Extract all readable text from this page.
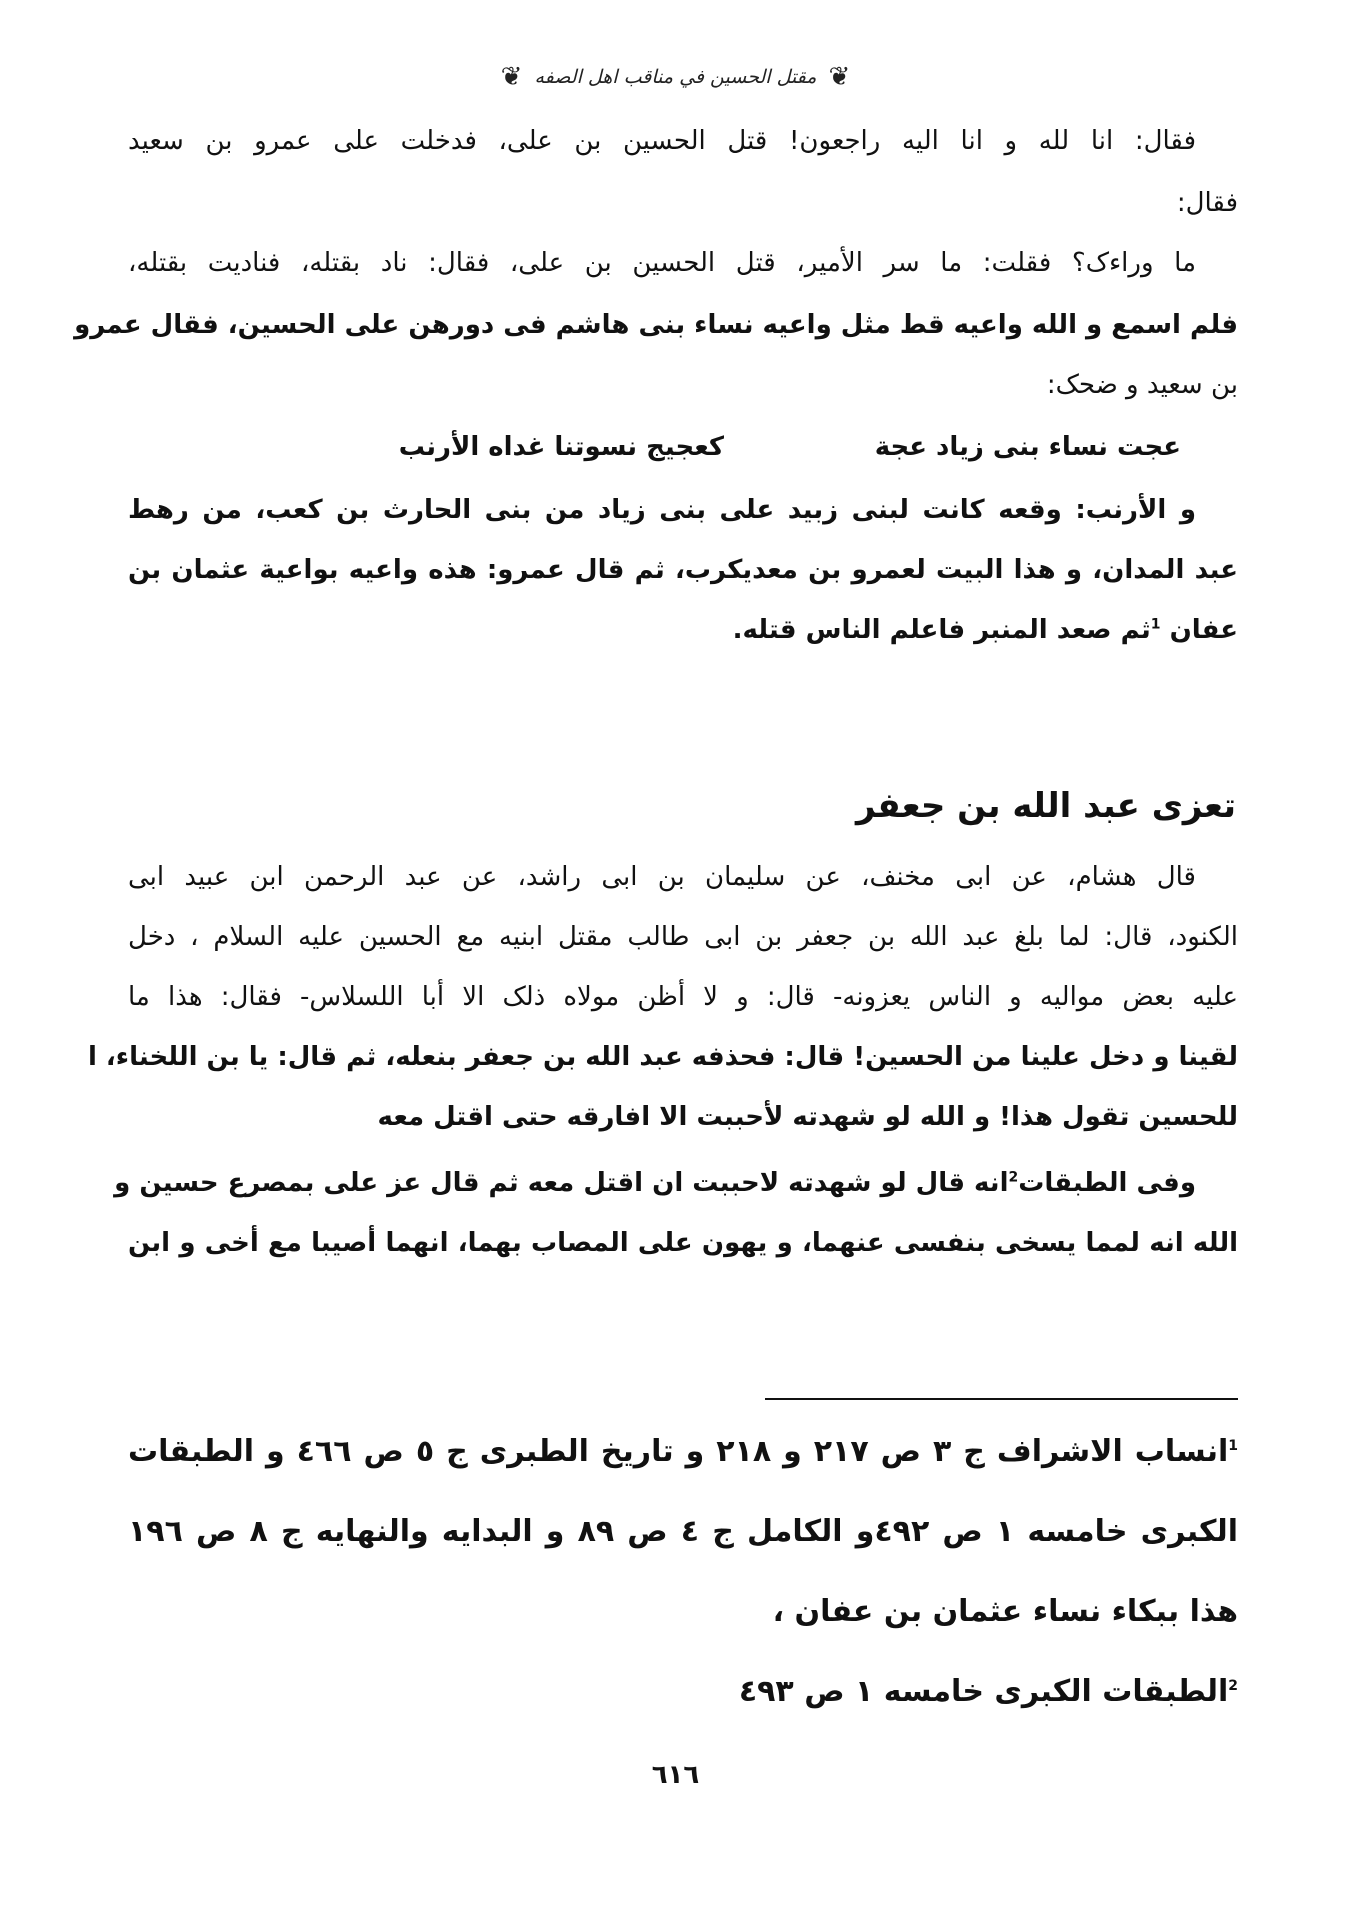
❦ مقتل الحسين في مناقب اهل الصفه ❦
فقال: انا لله و انا اليه راجعون! قتل الحسين بن على، فدخلت على عمرو بن سعيد
فقال:
ما وراءک؟ فقلت: ما سر الأمير، قتل الحسين بن على، فقال: ناد بقتله، فناديت بقتله،
فلم اسمع و الله واعيه قط مثل واعيه نساء بنى هاشم فى دورهن على الحسين، فقال عمرو
بن سعيد و ضحک:
عجت نساء بنى زياد عجة
كعجيج نسوتنا غداه الأرنب
و الأرنب: وقعه كانت لبنى زبيد على بنى زياد من بنى الحارث بن كعب، من رهط
عبد المدان، و هذا البيت لعمرو بن معديكرب، ثم قال عمرو: هذه واعيه بواعية عثمان بن
عفان $^1$ثم صعد المنبر فاعلم الناس قتله.
تعزى عبد الله بن جعفر
قال هشام، عن ابى مخنف، عن سليمان بن ابى راشد، عن عبد الرحمن ابن عبيد ابى
الكنود، قال: لما بلغ عبد الله بن جعفر بن ابى طالب مقتل ابنيه مع الحسين عليه السلام ، دخل
عليه بعض مواليه و الناس يعزونه- قال: و لا أظن مولاه ذلک الا أبا اللسلاس- فقال: هذا ما
لقينا و دخل علينا من الحسين! قال: فحذفه عبد الله بن جعفر بنعله، ثم قال: يا بن اللخناء، ا
للحسين تقول هذا! و الله لو شهدته لأحببت الا افارقه حتى اقتل معه
وفى الطبقات$^2$انه قال لو شهدته لاحببت ان اقتل معه ثم قال عز على بمصرع حسين و
الله انه لمما يسخى بنفسى عنهما، و يهون على المصاب بهما، انهما أصيبا مع أخى و ابن
$^1$انساب الاشراف ج ٣ ص ٢١٧ و ٢١٨ و تاريخ الطبرى ج ٥ ص ٤٦٦ و الطبقات
الكبرى خامسه ١ ص ٤٩٢و الكامل ج ٤ ص ٨٩ و البدايه والنهايه ج ٨ ص ١٩٦
هذا ببكاء نساء عثمان بن عفان ،
$^2$الطبقات الكبرى خامسه ١ ص ٤٩٣
٦١٦
